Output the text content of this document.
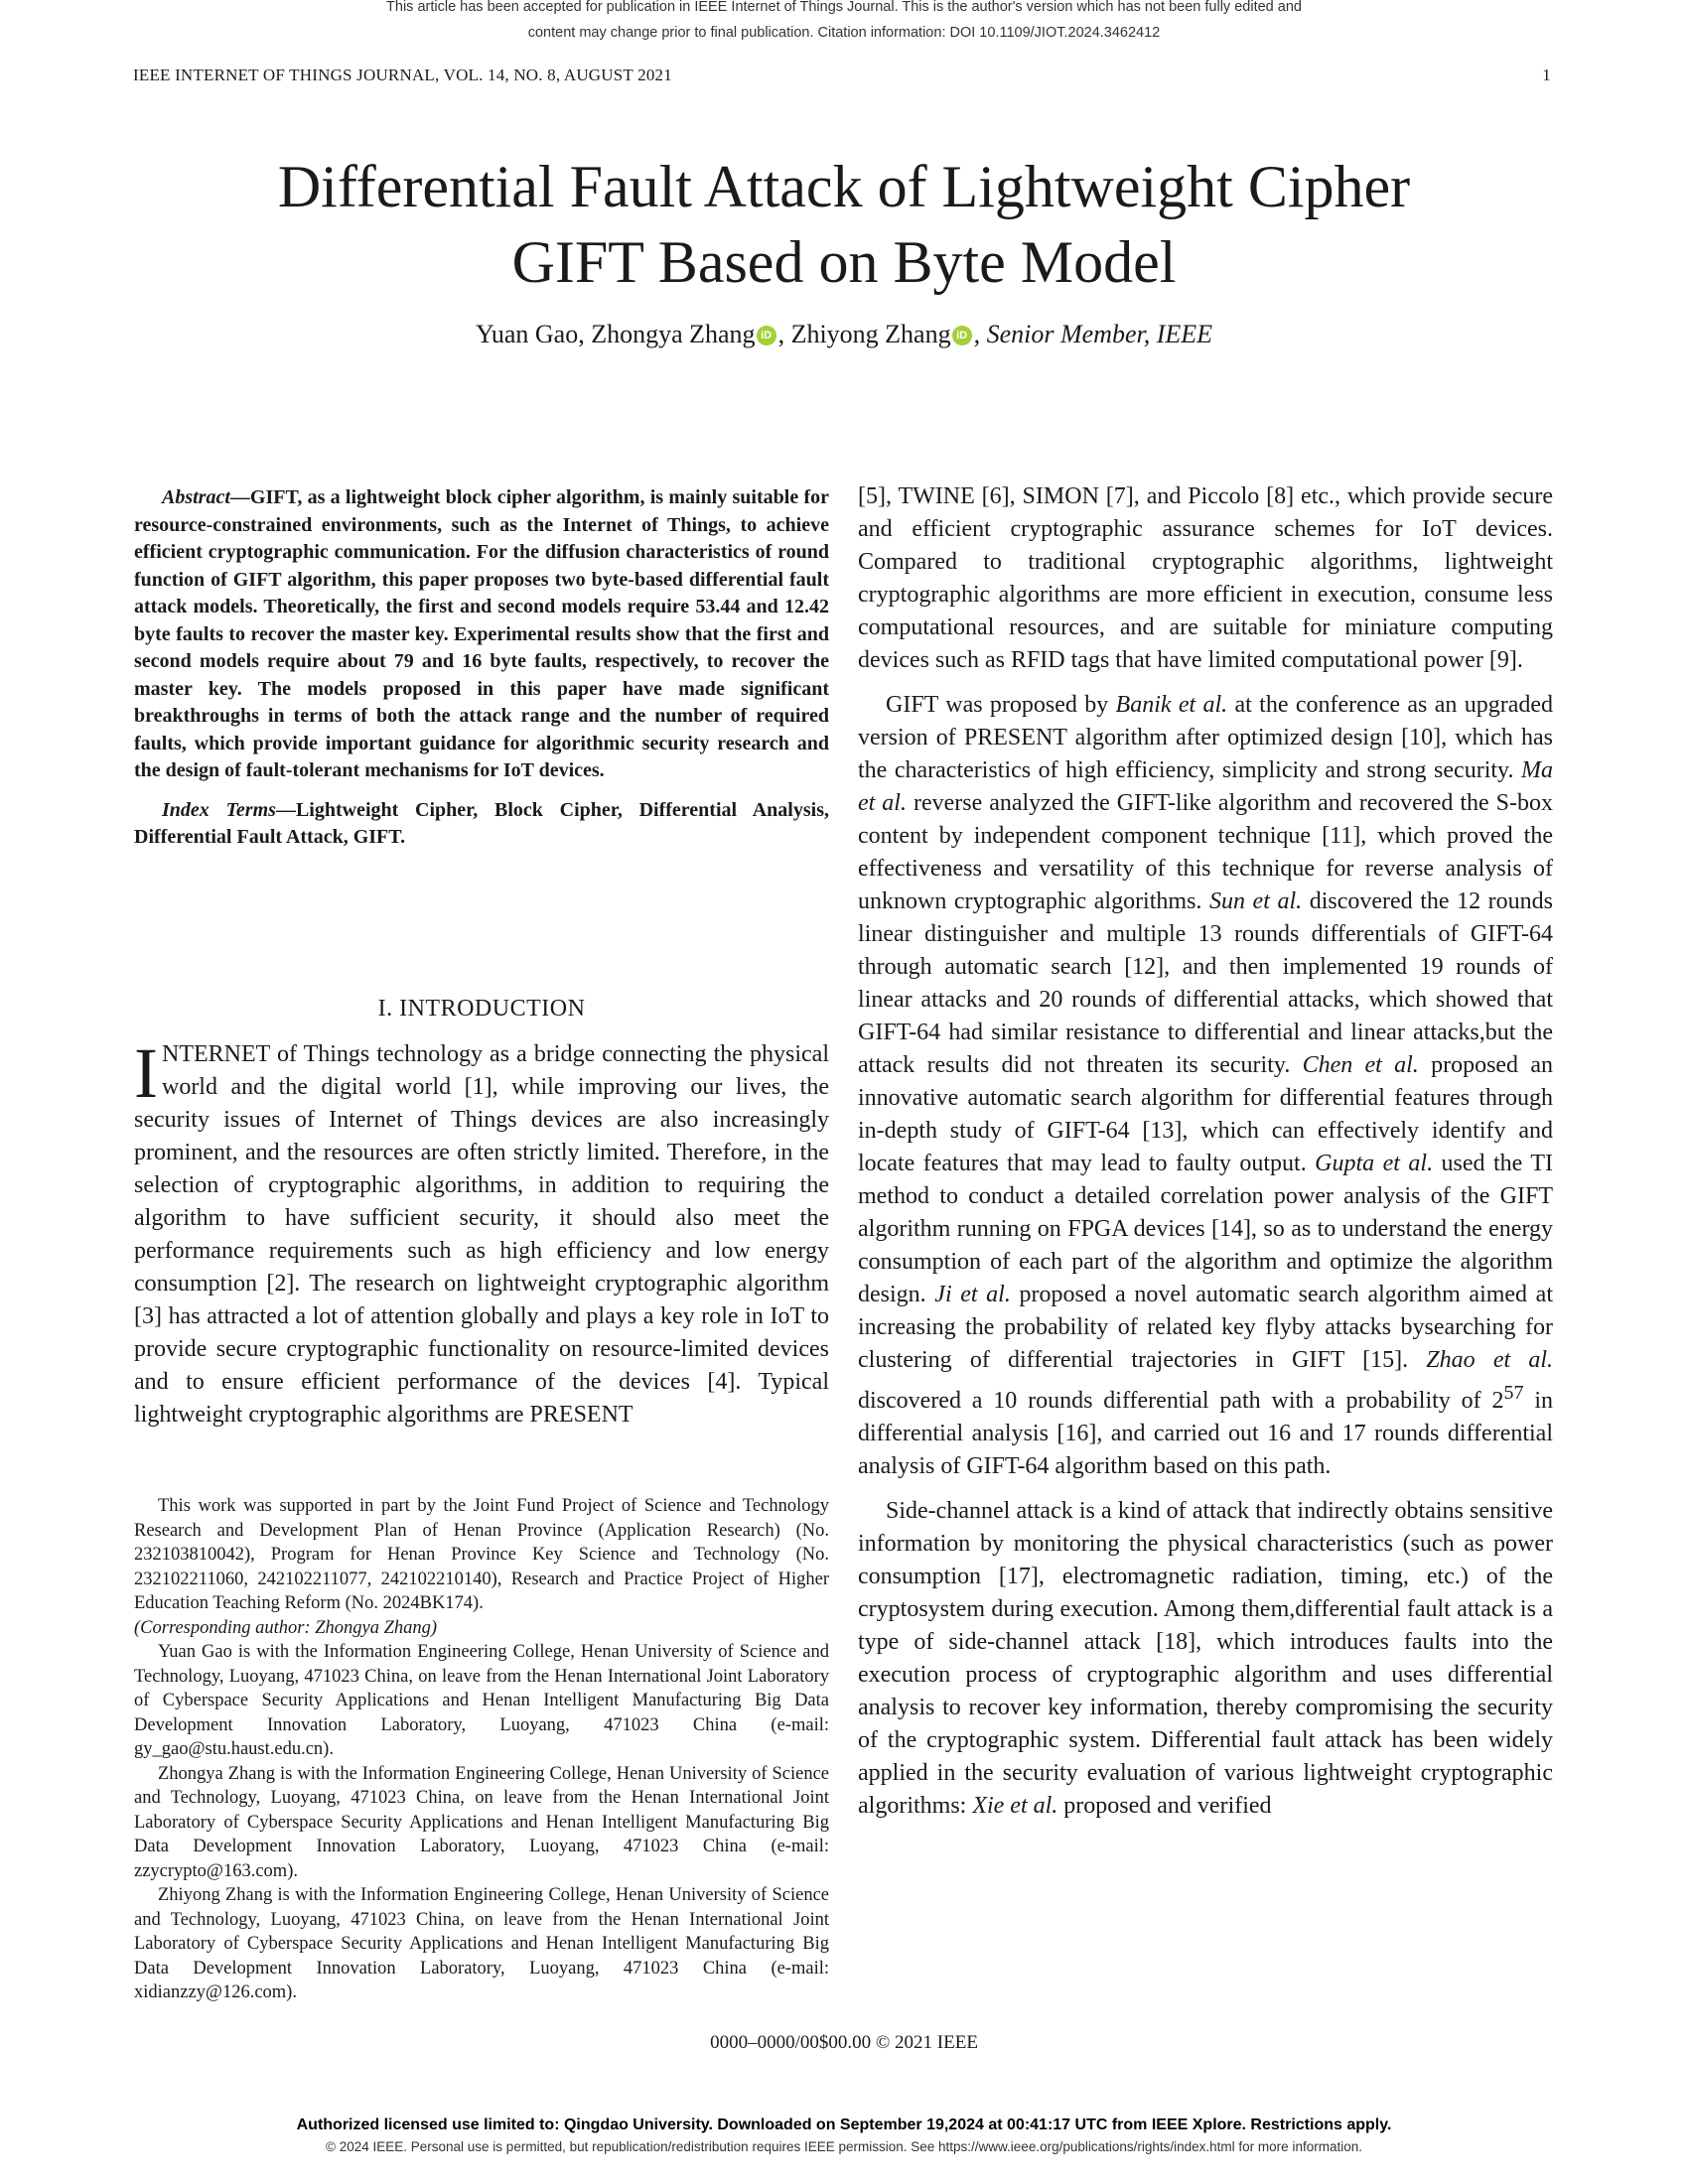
This article has been accepted for publication in IEEE Internet of Things Journal. This is the author's version which has not been fully edited and
content may change prior to final publication. Citation information: DOI 10.1109/JIOT.2024.3462412
IEEE INTERNET OF THINGS JOURNAL, VOL. 14, NO. 8, AUGUST 2021	1
Differential Fault Attack of Lightweight Cipher
GIFT Based on Byte Model
Yuan Gao, Zhongya Zhang iD , Zhiyong Zhang iD , Senior Member, IEEE

Abstract—GIFT, as a lightweight block cipher algorithm, is mainly suitable for resource-constrained environments, such as the Internet of Things, to achieve efficient cryptographic communication. For the diffusion characteristics of round function of GIFT algorithm, this paper proposes two byte-based differential fault attack models. Theoretically, the first and second models require 53.44 and 12.42 byte faults to recover the master key. Experimental results show that the first and second models require about 79 and 16 byte faults, respectively, to recover the master key. The models proposed in this paper have made significant breakthroughs in terms of both the attack range and the number of required faults, which provide important guidance for algorithmic security research and the design of fault-tolerant mechanisms for IoT devices.

Index Terms—Lightweight Cipher, Block Cipher, Differential Analysis, Differential Fault Attack, GIFT.

I. INTRODUCTION

INTERNET of Things technology as a bridge connecting the physical world and the digital world [1], while improving our lives, the security issues of Internet of Things devices are also increasingly prominent, and the resources are often strictly limited. Therefore, in the selection of cryptographic algorithms, in addition to requiring the algorithm to have sufficient security, it should also meet the performance requirements such as high efficiency and low energy consumption [2]. The research on lightweight cryptographic algorithm [3] has attracted a lot of attention globally and plays a key role in IoT to provide secure cryptographic functionality on resource-limited devices and to ensure efficient performance of the devices [4]. Typical lightweight cryptographic algorithms are PRESENT

This work was supported in part by the Joint Fund Project of Science and Technology Research and Development Plan of Henan Province (Application Research) (No. 232103810042), Program for Henan Province Key Science and Technology (No. 232102211060, 242102211077, 242102210140), Research and Practice Project of Higher Education Teaching Reform (No. 2024BK174).

(Corresponding author: Zhongya Zhang)

Yuan Gao is with the Information Engineering College, Henan University of Science and Technology, Luoyang, 471023 China, on leave from the Henan International Joint Laboratory of Cyberspace Security Applications and Henan Intelligent Manufacturing Big Data Development Innovation Laboratory, Luoyang, 471023 China (e-mail: gy_gao@stu.haust.edu.cn).

Zhongya Zhang is with the Information Engineering College, Henan University of Science and Technology, Luoyang, 471023 China, on leave from the Henan International Joint Laboratory of Cyberspace Security Applications and Henan Intelligent Manufacturing Big Data Development Innovation Laboratory, Luoyang, 471023 China (e-mail: zzycrypto@163.com).

Zhiyong Zhang is with the Information Engineering College, Henan University of Science and Technology, Luoyang, 471023 China, on leave from the Henan International Joint Laboratory of Cyberspace Security Applications and Henan Intelligent Manufacturing Big Data Development Innovation Laboratory, Luoyang, 471023 China (e-mail: xidianzzy@126.com).

[5], TWINE [6], SIMON [7], and Piccolo [8] etc., which provide secure and efficient cryptographic assurance schemes for IoT devices. Compared to traditional cryptographic algorithms, lightweight cryptographic algorithms are more efficient in execution, consume less computational resources, and are suitable for miniature computing devices such as RFID tags that have limited computational power [9].

GIFT was proposed by Banik et al. at the conference as an upgraded version of PRESENT algorithm after optimized design [10], which has the characteristics of high efficiency, simplicity and strong security. Ma et al. reverse analyzed the GIFT-like algorithm and recovered the S-box content by independent component technique [11], which proved the effectiveness and versatility of this technique for reverse analysis of unknown cryptographic algorithms. Sun et al. discovered the 12 rounds linear distinguisher and multiple 13 rounds differentials of GIFT-64 through automatic search [12], and then implemented 19 rounds of linear attacks and 20 rounds of differential attacks, which showed that GIFT-64 had similar resistance to differential and linear attacks,but the attack results did not threaten its security. Chen et al. proposed an innovative automatic search algorithm for differential features through in-depth study of GIFT-64 [13], which can effectively identify and locate features that may lead to faulty output. Gupta et al. used the TI method to conduct a detailed correlation power analysis of the GIFT algorithm running on FPGA devices [14], so as to understand the energy consumption of each part of the algorithm and optimize the algorithm design. Ji et al. proposed a novel automatic search algorithm aimed at increasing the probability of related key flyby attacks bysearching for clustering of differential trajectories in GIFT [15]. Zhao et al. discovered a 10 rounds differential path with a probability of $2^{57}$ in differential analysis [16], and carried out 16 and 17 rounds differential analysis of GIFT-64 algorithm based on this path.

Side-channel attack is a kind of attack that indirectly obtains sensitive information by monitoring the physical characteristics (such as power consumption [17], electromagnetic radiation, timing, etc.) of the cryptosystem during execution. Among them,differential fault attack is a type of side-channel attack [18], which introduces faults into the execution process of cryptographic algorithm and uses differential analysis to recover key information, thereby compromising the security of the cryptographic system. Differential fault attack has been widely applied in the security evaluation of various lightweight cryptographic algorithms: Xie et al. proposed and verified

0000–0000/00$00.00 © 2021 IEEE
Authorized licensed use limited to: Qingdao University. Downloaded on September 19,2024 at 00:41:17 UTC from IEEE Xplore. Restrictions apply.
© 2024 IEEE. Personal use is permitted, but republication/redistribution requires IEEE permission. See https://www.ieee.org/publications/rights/index.html for more information.
